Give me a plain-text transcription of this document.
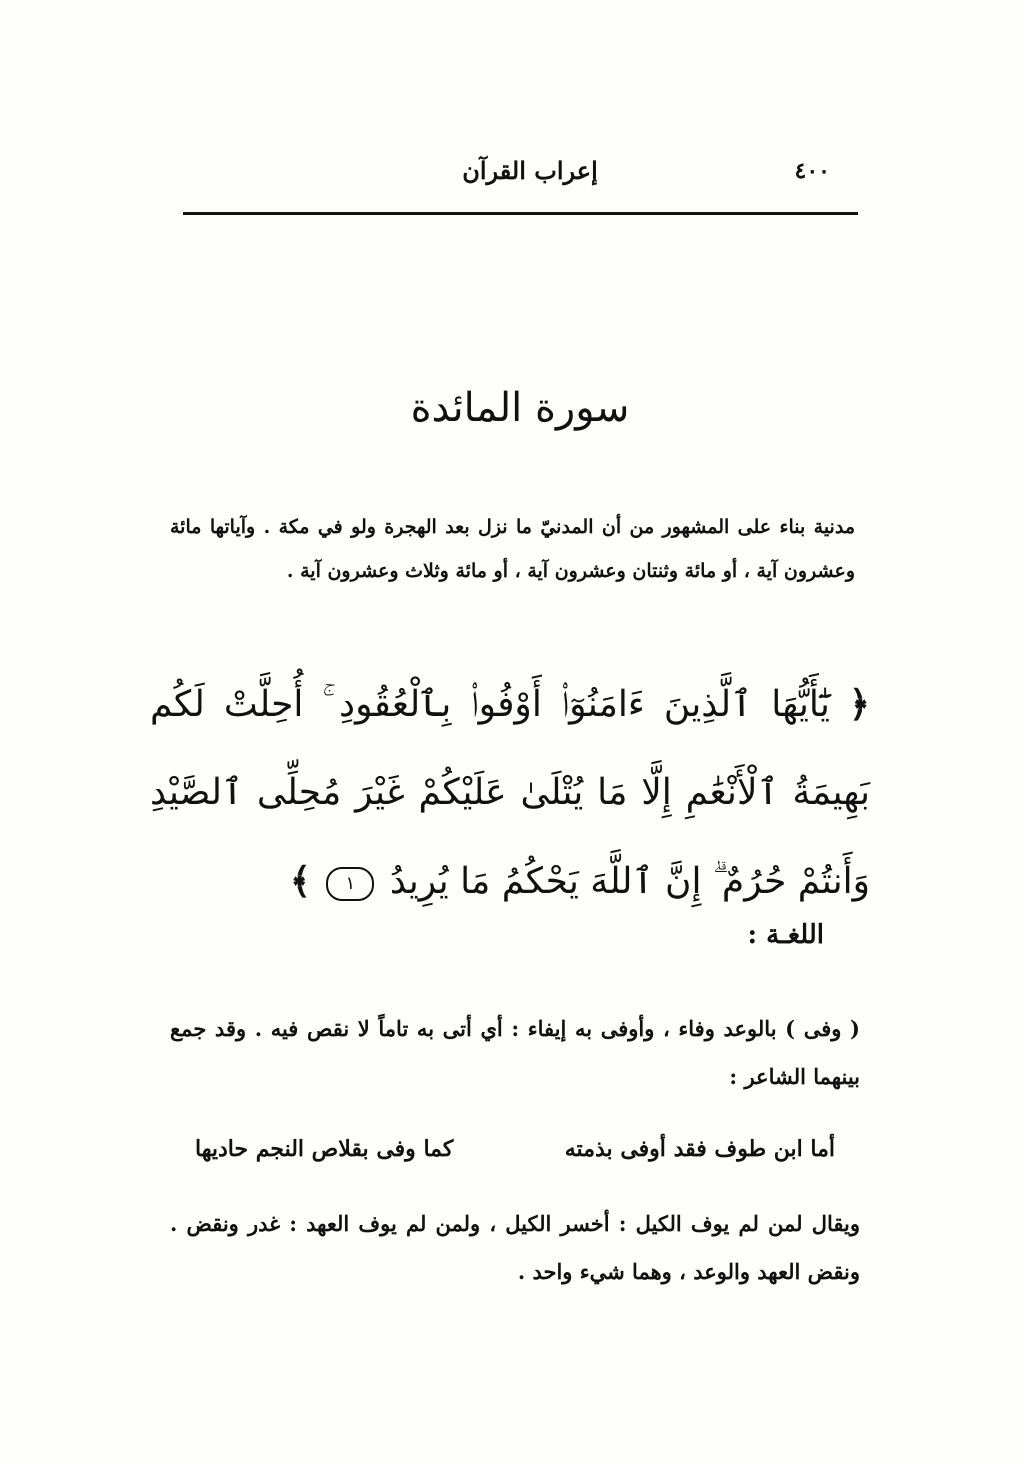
٤٠٠
إعراب القرآن
سورة المائدة
مدنية بناء على المشهور من أن المدنيّ ما نزل بعد الهجرة ولو في مكة . وآياتها مائة وعشرون آية ، أو مائة وثنتان وعشرون آية ، أو مائة وثلاث وعشرون آية .
﴿ يَٰٓأَيُّهَا ٱلَّذِينَ ءَامَنُوٓا۟ أَوْفُوا۟ بِٱلْعُقُودِ ۚ أُحِلَّتْ لَكُم بَهِيمَةُ ٱلْأَنْعَٰمِ إِلَّا مَا يُتْلَىٰ عَلَيْكُمْ غَيْرَ مُحِلِّى ٱلصَّيْدِ وَأَنتُمْ حُرُمٌ ۗ إِنَّ ٱللَّهَ يَحْكُمُ مَا يُرِيدُ ١ ﴾
اللغـة :
( وفى ) بالوعد وفاء ، وأوفى به إيفاء : أي أتى به تاماً لا نقص فيه . وقد جمع بينهما الشاعر :
أما ابن طوف فقد أوفى بذمته
كما وفى بقلاص النجم حاديها
ويقال لمن لم يوف الكيل : أخسر الكيل ، ولمن لم يوف العهد : غدر ونقض . ونقض العهد والوعد ، وهما شيء واحد .
